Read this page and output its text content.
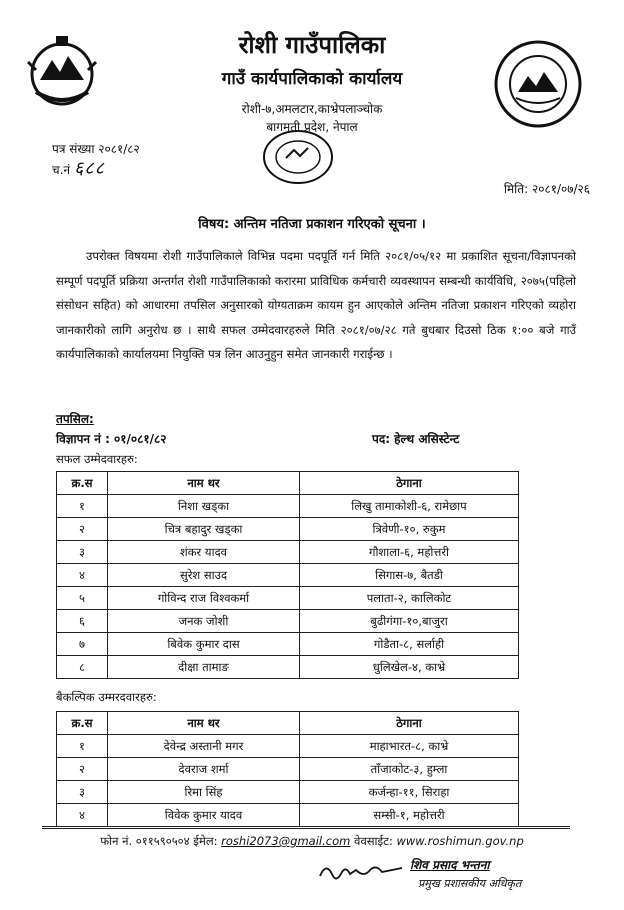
रोशी गाउँपालिका
गाउँ कार्यपालिकाको कार्यालय
रोशी-७,अमलटार,काभ्रेपलाञ्चोक
बागमती प्रदेश, नेपाल
पत्र संख्या २०८१/८२
च.नं ६८८
मिति: २०८१/०७/२६
विषय: अन्तिम नतिजा प्रकाशन गरिएको सूचना ।
उपरोक्त विषयमा रोशी गाउँपालिकाले विभिन्न पदमा पदपूर्ति गर्न मिति २०८१/०५/१२ मा प्रकाशित सूचना/विज्ञापनको सम्पूर्ण पदपूर्ति प्रक्रिया अन्तर्गत रोशी गाउँपालिकाको करारमा प्राविधिक कर्मचारी व्यवस्थापन सम्बन्धी कार्यविधि, २०७५(पहिलो संसोधन सहित) को आधारमा तपसिल अनुसारको योग्यताक्रम कायम हुन आएकोले अन्तिम नतिजा प्रकाशन गरिएको व्यहोरा जानकारीको लागि अनुरोध छ । साथै सफल उम्मेदवारहरुले मिति २०८१/०७/२८ गते बुधबार दिउसो ठिक १:०० बजे गाउँ कार्यपालिकाको कार्यालयमा नियुक्ति पत्र लिन आउनुहुन समेत जानकारी गराईन्छ ।
तपसिल:
विज्ञापन नं : ०१/०८१/८२	पद: हेल्थ असिस्टेन्ट
सफल उम्मेदवारहरु:
क्र.स	नाम थर	ठेगाना
१	निशा खड्का	लिखु तामाकोशी-६, रामेछाप
२	चित्र बहादुर खड्का	त्रिवेणी-१०, रुकुम
३	शंकर यादव	गौशाला-६, महोत्तरी
४	सुरेश साउद	सिगास-७, बैतडी
५	गोविन्द राज विश्वकर्मा	पलाता-२, कालिकोट
६	जनक जोशी	बुढीगंगा-१०,बाजुरा
७	बिवेक कुमार दास	गोडैता-८, सर्लाही
८	दीक्षा तामाङ	धुलिखेल-४, काभ्रे
बैकल्पिक उम्मरदवारहरु:
क्र.स	नाम थर	ठेगाना
१	देवेन्द्र अस्तानी मगर	माहाभारत-८, काभ्रे
२	देवराज शर्मा	ताँजाकोट-३, हुम्ला
३	रिमा सिंह	कर्जन्हा-११, सिराहा
४	विवेक कुमार यादव	सम्सी-१, महोत्तरी
फोन नं. ०११५९०५०४ ईमेल: roshi2073@gmail.com वेवसाईट: www.roshimun.gov.np
शिव प्रसाद भन्तना
प्रमुख प्रशासकीय अधिकृत
